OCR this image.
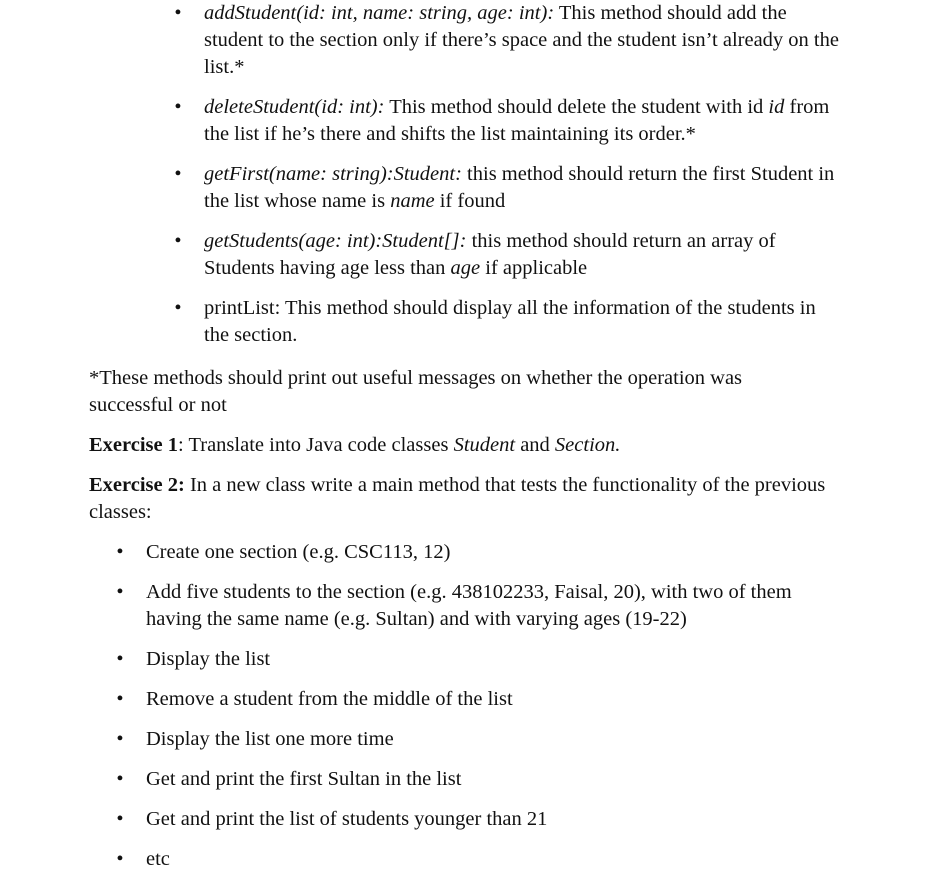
• addStudent(id: int, name: string, age: int): This method should add the student to the section only if there’s space and the student isn’t already on the list.*
• deleteStudent(id: int): This method should delete the student with id id from the list if he’s there and shifts the list maintaining its order.*
• getFirst(name: string):Student: this method should return the first Student in the list whose name is name if found
• getStudents(age: int):Student[]: this method should return an array of Students having age less than age if applicable
• printList: This method should display all the information of the students in the section.

*These methods should print out useful messages on whether the operation was successful or not

Exercise 1: Translate into Java code classes Student and Section.

Exercise 2: In a new class write a main method that tests the functionality of the previous classes:

• Create one section (e.g. CSC113, 12)
• Add five students to the section (e.g. 438102233, Faisal, 20), with two of them having the same name (e.g. Sultan) and with varying ages (19-22)
• Display the list
• Remove a student from the middle of the list
• Display the list one more time
• Get and print the first Sultan in the list
• Get and print the list of students younger than 21
• etc
